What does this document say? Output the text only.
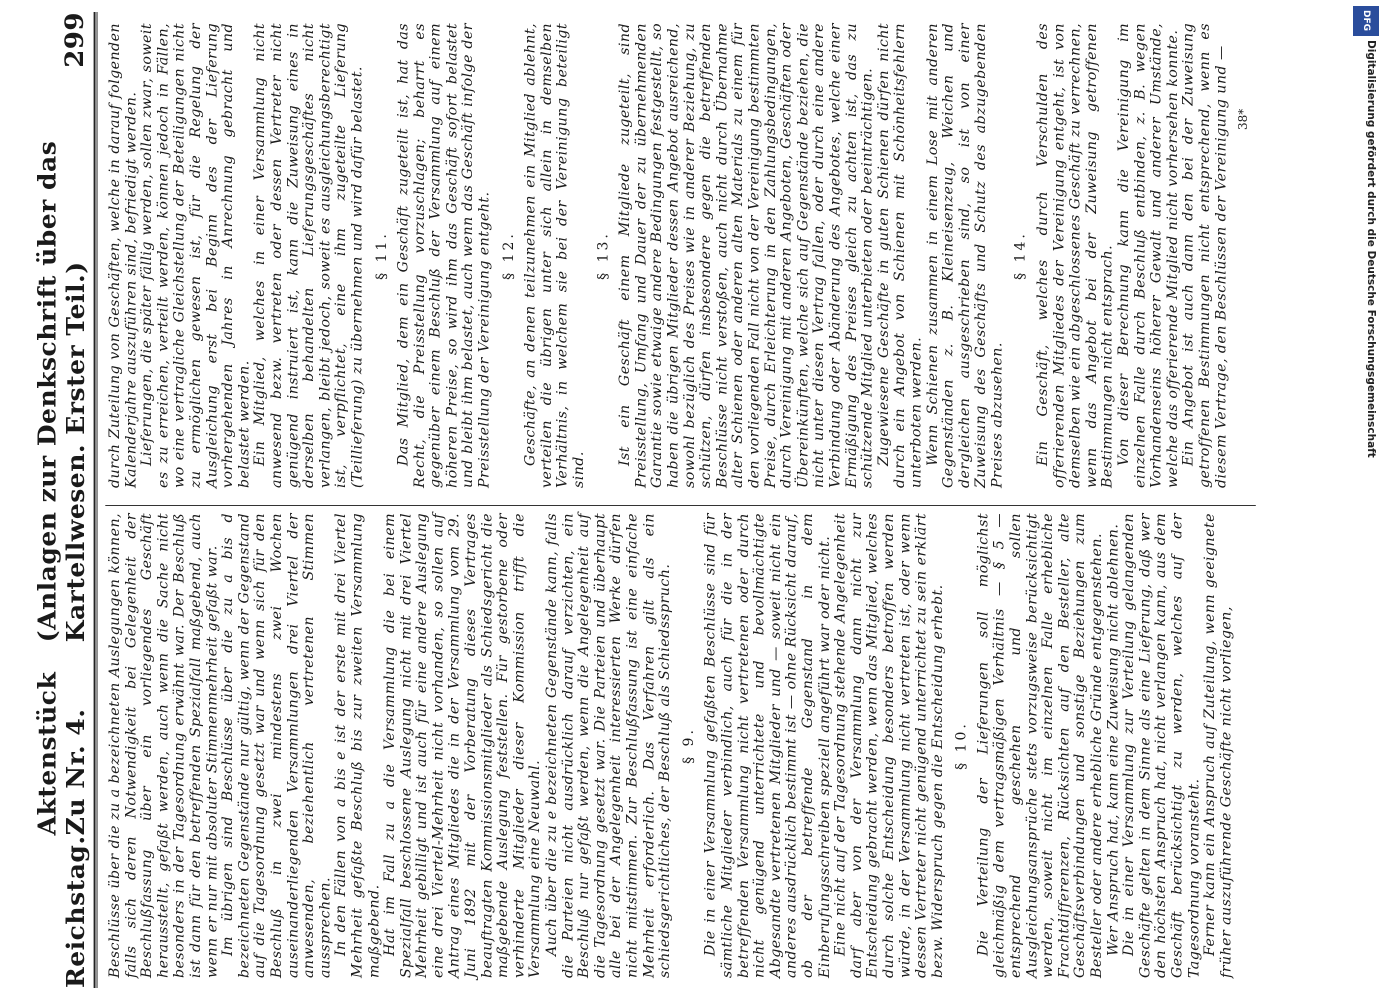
Reichstag.
Aktenstück Zu Nr. 4.
(Anlagen zur Denkschrift über das Kartellwesen. Erster Teil.)
299

Beschlüsse über die zu a bezeichneten Auslegungen können, falls sich deren Notwendigkeit bei Gelegenheit der Beschlußfassung über ein vorliegendes Geschäft herausstellt, gefaßt werden, auch wenn die Sache nicht besonders in der Tagesordnung erwähnt war. Der Beschluß ist dann für den betreffenden Spezialfall maßgebend, auch wenn er nur mit absoluter Stimmenmehrheit gefaßt war. Im übrigen sind Beschlüsse über die zu a bis d bezeichneten Gegenstände nur gültig, wenn der Gegenstand auf die Tagesordnung gesetzt war und wenn sich für den Beschluß in zwei mindestens zwei Wochen auseinanderliegenden Versammlungen drei Viertel der anwesenden, beziehentlich vertretenen Stimmen aussprechen. In den Fällen von a bis e ist der erste mit drei Viertel Mehrheit gefaßte Beschluß bis zur zweiten Versammlung maßgebend. Hat im Fall zu a die Versammlung die bei einem Spezialfall beschlossene Auslegung nicht mit drei Viertel Mehrheit gebilligt und ist auch für eine andere Auslegung eine drei Viertel-Mehrheit nicht vorhanden, so sollen auf Antrag eines Mitgliedes die in der Versammlung vom 29. Juni 1892 mit der Vorberatung dieses Vertrages beauftragten Kommissionsmitglieder als Schiedsgericht die maßgebende Auslegung feststellen. Für gestorbene oder verhinderte Mitglieder dieser Kommission trifft die Versammlung eine Neuwahl. Auch über die zu e bezeichneten Gegenstände kann, falls die Parteien nicht ausdrücklich darauf verzichten, ein Beschluß nur gefaßt werden, wenn die Angelegenheit auf die Tagesordnung gesetzt war. Die Parteien und überhaupt alle bei der Angelegenheit interessierten Werke dürfen nicht mitstimmen. Zur Beschlußfassung ist eine einfache Mehrheit erforderlich. Das Verfahren gilt als ein schiedsgerichtliches, der Beschluß als Schiedsspruch. § 9. Die in einer Versammlung gefaßten Beschlüsse sind für sämtliche Mitglieder verbindlich, auch für die in der betreffenden Versammlung nicht vertretenen oder durch nicht genügend unterrichtete und bevollmächtigte Abgesandte vertretenen Mitglieder und — soweit nicht ein anderes ausdrücklich bestimmt ist — ohne Rücksicht darauf, ob der betreffende Gegenstand in dem Einberufungsschreiben speziell angeführt war oder nicht. Eine nicht auf der Tagesordnung stehende Angelegenheit darf aber von der Versammlung dann nicht zur Entscheidung gebracht werden, wenn das Mitglied, welches durch solche Entscheidung besonders betroffen werden würde, in der Versammlung nicht vertreten ist, oder wenn dessen Vertreter nicht genügend unterrichtet zu sein erklärt bezw. Widerspruch gegen die Entscheidung erhebt. § 10. Die Verteilung der Lieferungen soll möglichst gleichmäßig dem vertragsmäßigen Verhältnis — § 5 — entsprechend geschehen und sollen Ausgleichungsansprüche stets vorzugsweise berücksichtigt werden, soweit nicht im einzelnen Falle erhebliche Frachtdifferenzen, Rücksichten auf den Besteller, alte Geschäftsverbindungen und sonstige Beziehungen zum Besteller oder andere erhebliche Gründe entgegenstehen. Wer Anspruch hat, kann eine Zuweisung nicht ablehnen. Die in einer Versammlung zur Verteilung gelangenden Geschäfte gelten in dem Sinne als eine Lieferung, daß wer den höchsten Anspruch hat, nicht verlangen kann, aus dem Geschäft berücksichtigt zu werden, welches auf der Tagesordnung voransteht. Ferner kann ein Anspruch auf Zuteilung, wenn geeignete früher auszuführende Geschäfte nicht vorliegen,

durch Zuteilung von Geschäften, welche in darauf folgenden Kalenderjahre auszuführen sind, befriedigt werden. Lieferungen, die später fällig werden, sollen zwar, soweit es zu erreichen, verteilt werden, können jedoch in Fällen, wo eine vertragliche Gleichstellung der Beteiligungen nicht zu ermöglichen gewesen ist, für die Regelung der Ausgleichung erst bei Beginn des der Lieferung vorhergehenden Jahres in Anrechnung gebracht und belastet werden. Ein Mitglied, welches in einer Versammlung nicht anwesend bezw. vertreten oder dessen Vertreter nicht genügend instruiert ist, kann die Zuweisung eines in derselben behandelten Lieferungsgeschäftes nicht verlangen, bleibt jedoch, soweit es ausgleichungsberechtigt ist, verpflichtet, eine ihm zugeteilte Lieferung (Teillieferung) zu übernehmen und wird dafür belastet. § 11. Das Mitglied, dem ein Geschäft zugeteilt ist, hat das Recht, die Preisstellung vorzuschlagen; beharrt es gegenüber einem Beschluß der Versammlung auf einem höheren Preise, so wird ihm das Geschäft sofort belastet und bleibt ihm belastet, auch wenn das Geschäft infolge der Preisstellung der Vereinigung entgeht. § 12. Geschäfte, an denen teilzunehmen ein Mitglied ablehnt, verteilen die übrigen unter sich allein in demselben Verhältnis, in welchem sie bei der Vereinigung beteiligt sind.

§ 13. Ist ein Geschäft einem Mitgliede zugeteilt, sind Preisstellung, Umfang und Dauer der zu übernehmenden Garantie sowie etwaige andere Bedingungen festgestellt, so haben die übrigen Mitglieder dessen Angebot ausreichend, sowohl bezüglich des Preises wie in anderer Beziehung, zu schützen, dürfen insbesondere gegen die betreffenden Beschlüsse nicht verstoßen, auch nicht durch Übernahme alter Schienen oder anderen alten Materials zu einem für den vorliegenden Fall nicht von der Vereinigung bestimmten Preise, durch Erleichterung in den Zahlungsbedingungen, durch Vereinigung mit anderen Angeboten, Geschäften oder Übereinkünften, welche sich auf Gegenstände beziehen, die nicht unter diesen Vertrag fallen, oder durch eine andere Verbindung oder Abänderung des Angebotes, welche einer Ermäßigung des Preises gleich zu achten ist, das zu schützende Mitglied unterbieten oder beeinträchtigen. Zugewiesene Geschäfte in guten Schienen dürfen nicht durch ein Angebot von Schienen mit Schönheitsfehlern unterboten werden. Wenn Schienen zusammen in einem Lose mit anderen Gegenständen z. B. Kleineisenzeug, Weichen und dergleichen ausgeschrieben sind, so ist von einer Zuweisung des Geschäfts und Schutz des abzugebenden Preises abzusehen.

§ 14. Ein Geschäft, welches durch Verschulden des offerierenden Mitgliedes der Vereinigung entgeht, ist von demselben wie ein abgeschlossenes Geschäft zu verrechnen, wenn das Angebot bei der Zuweisung getroffenen Bestimmungen nicht entsprach. Von dieser Berechnung kann die Vereinigung im einzelnen Falle durch Beschluß entbinden, z. B. wegen Vorhandenseins höherer Gewalt und anderer Umstände, welche das offerierende Mitglied nicht vorhersehen konnte. Ein Angebot ist auch dann den bei der Zuweisung getroffenen Bestimmungen nicht entsprechend, wenn es diesem Vertrage, den Beschlüssen der Vereinigung und — 38*
DFG
Digitalisierung gefördert durch die Deutsche Forschungsgemeinschaft
